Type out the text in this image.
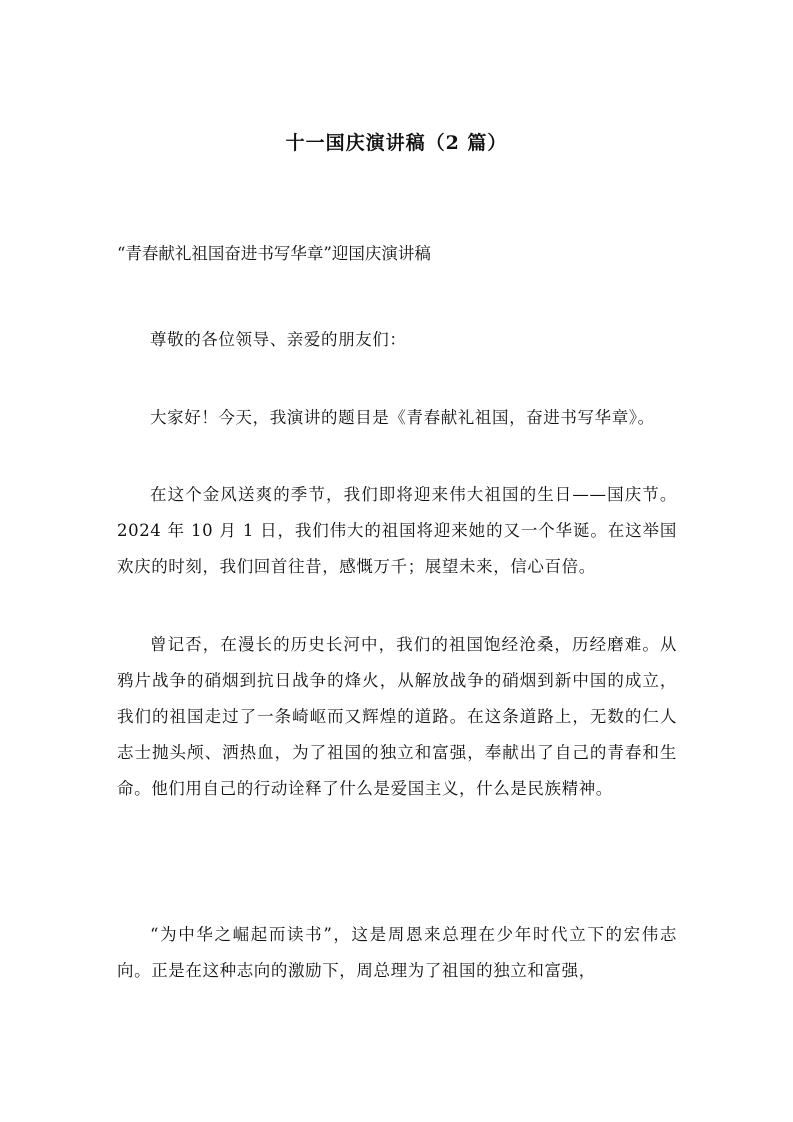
十一国庆演讲稿（2 篇）
“青春献礼祖国奋进书写华章”迎国庆演讲稿
尊敬的各位领导、亲爱的朋友们：
大家好！今天，我演讲的题目是《青春献礼祖国，奋进书写华章》。
在这个金风送爽的季节，我们即将迎来伟大祖国的生日——国庆节。2024 年 10 月 1 日，我们伟大的祖国将迎来她的又一个华诞。在这举国欢庆的时刻，我们回首往昔，感慨万千；展望未来，信心百倍。
曾记否，在漫长的历史长河中，我们的祖国饱经沧桑，历经磨难。从鸦片战争的硝烟到抗日战争的烽火，从解放战争的硝烟到新中国的成立，我们的祖国走过了一条崎岖而又辉煌的道路。在这条道路上，无数的仁人志士抛头颅、洒热血，为了祖国的独立和富强，奉献出了自己的青春和生命。他们用自己的行动诠释了什么是爱国主义，什么是民族精神。
“为中华之崛起而读书”，这是周恩来总理在少年时代立下的宏伟志向。正是在这种志向的激励下，周总理为了祖国的独立和富强，
